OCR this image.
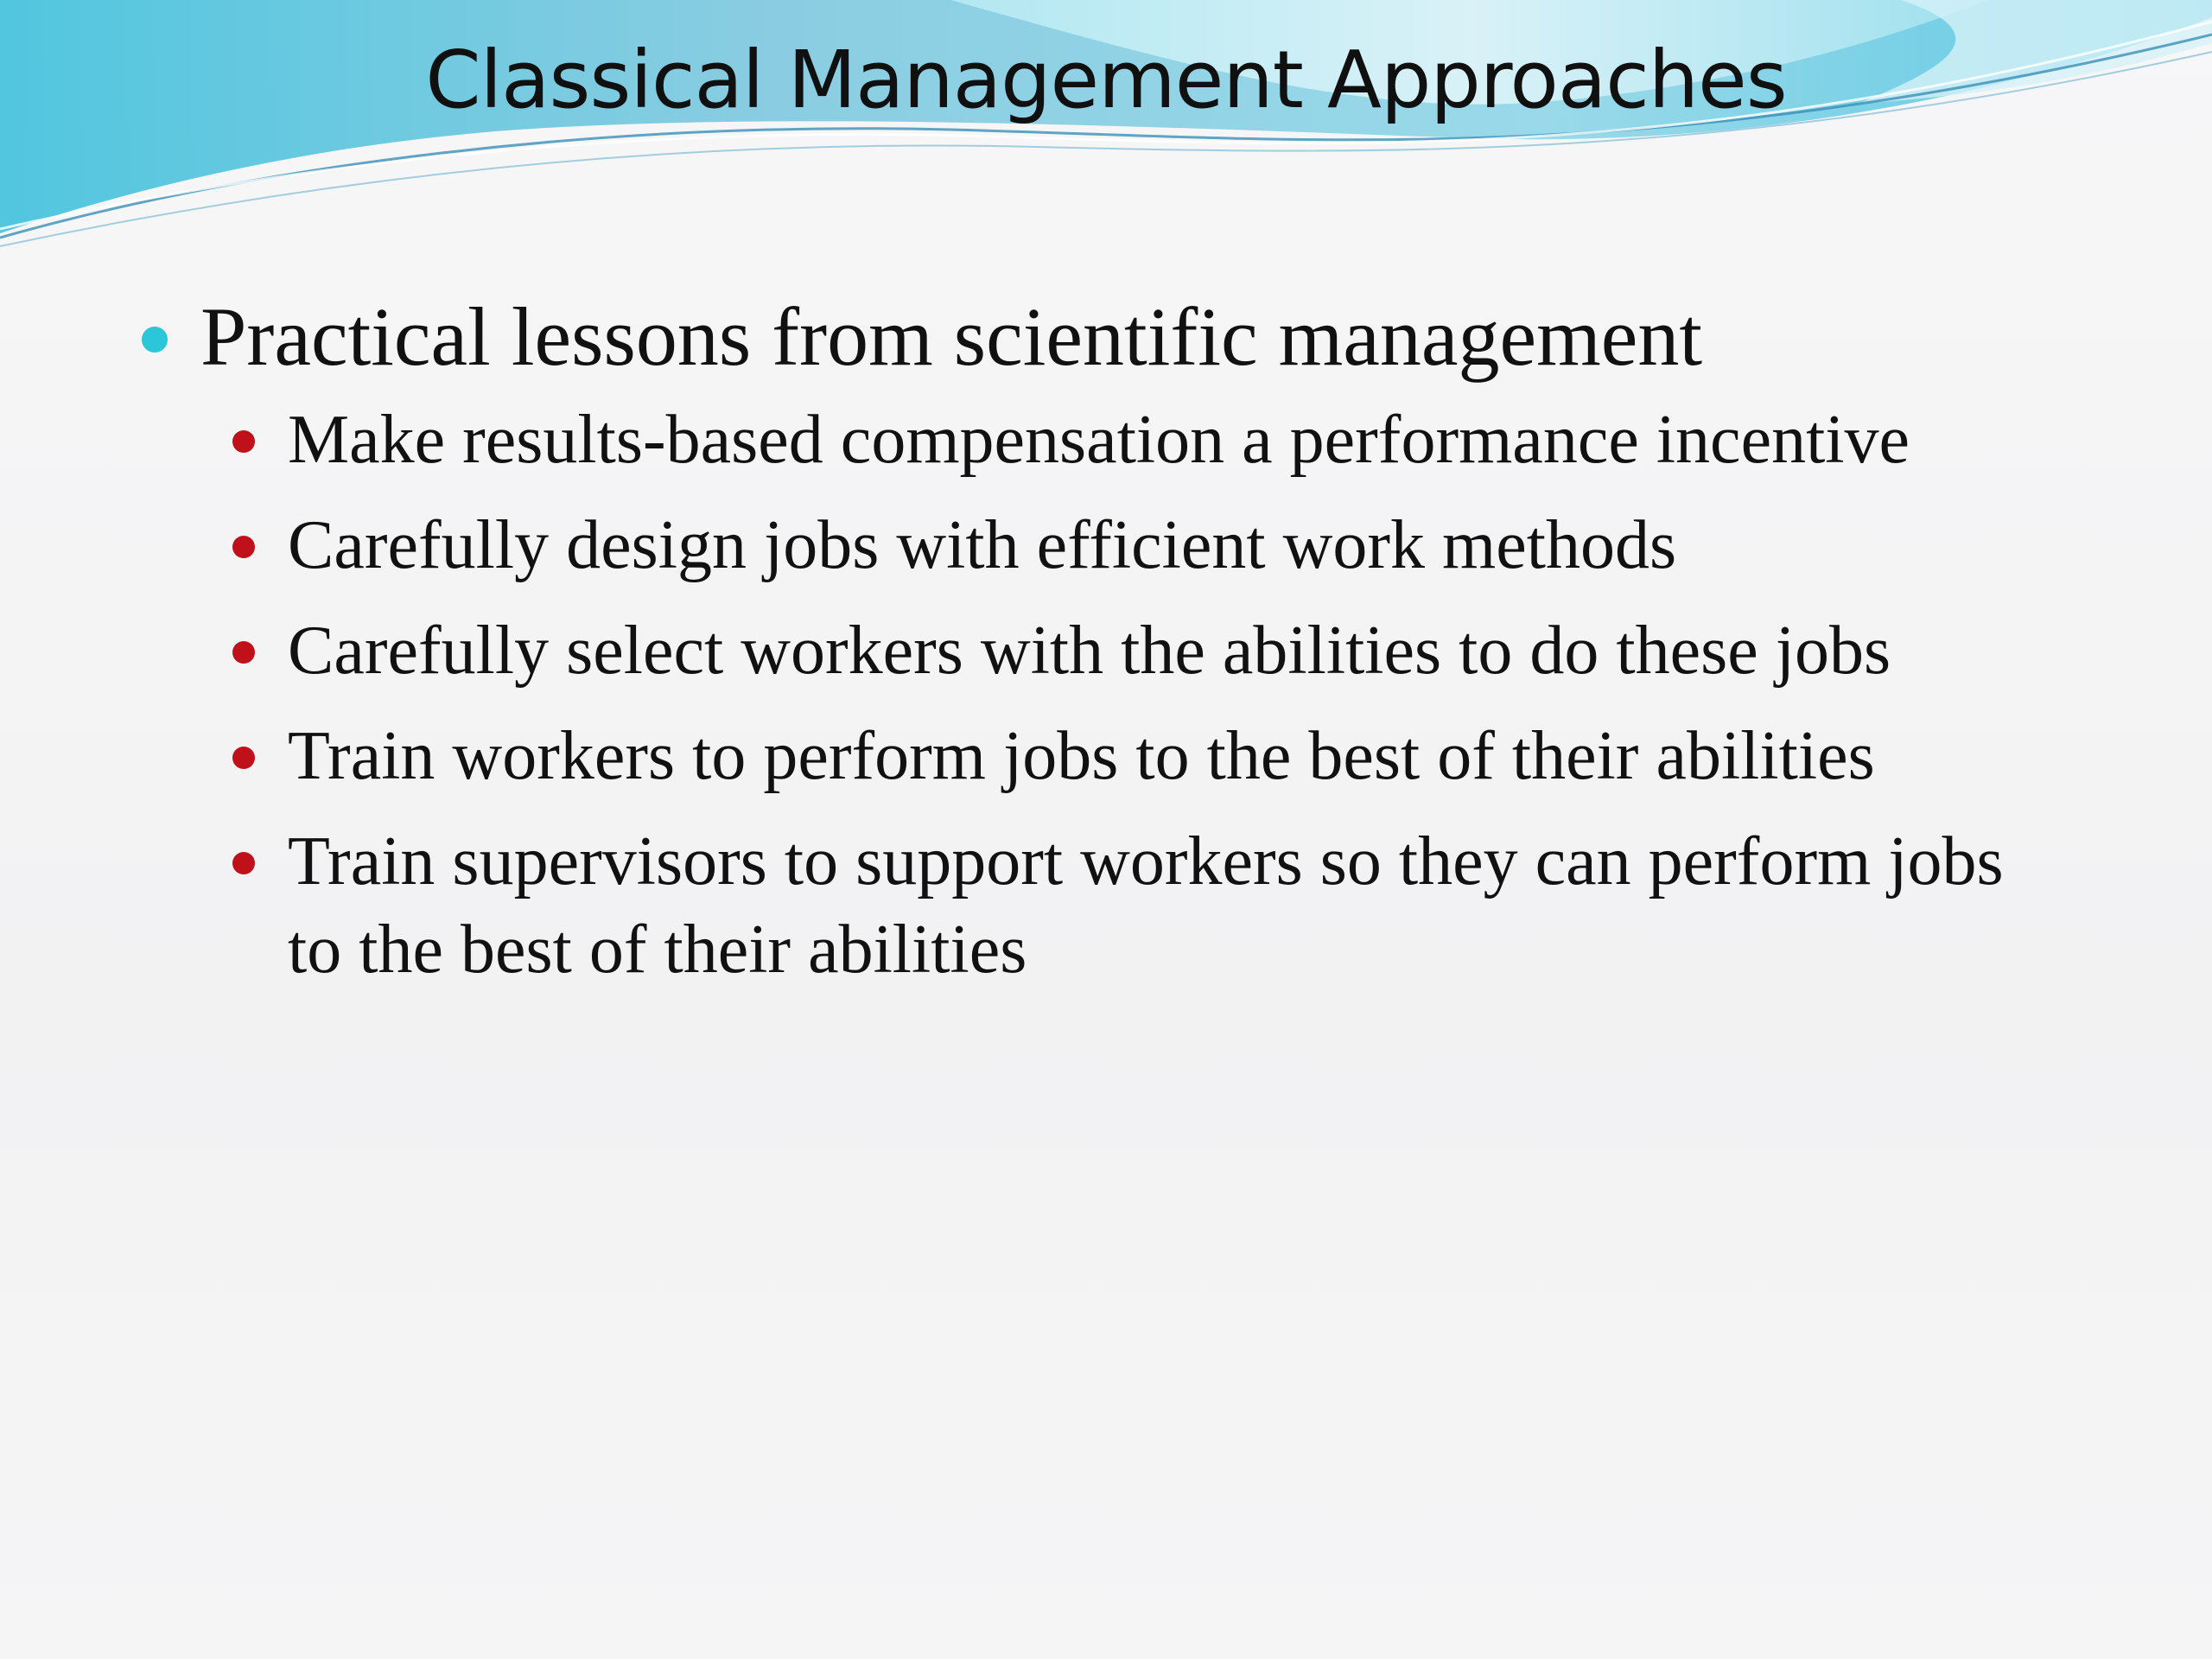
Classical Management Approaches
Practical lessons from scientific management
Make results-based compensation a performance incentive
Carefully design jobs with efficient work methods
Carefully select workers with the abilities to do these jobs
Train workers to perform jobs to the best of their abilities
Train supervisors to support workers so they can perform jobs to the best of their abilities
